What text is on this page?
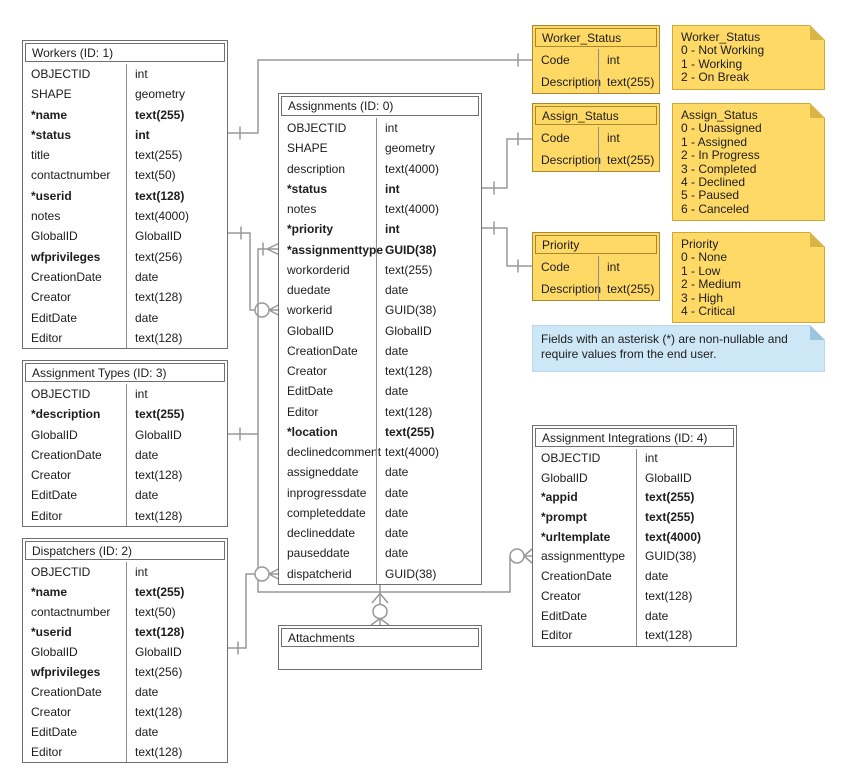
Workers (ID: 1)
OBJECTID	int
SHAPE	geometry
*name	text(255)
*status	int
title	text(255)
contactnumber	text(50)
*userid	text(128)
notes	text(4000)
GlobalID	GlobalID
wfprivileges	text(256)
CreationDate	date
Creator	text(128)
EditDate	date
Editor	text(128)
Assignment Types (ID: 3)
OBJECTID	int
*description	text(255)
GlobalID	GlobalID
CreationDate	date
Creator	text(128)
EditDate	date
Editor	text(128)
Dispatchers (ID: 2)
OBJECTID	int
*name	text(255)
contactnumber	text(50)
*userid	text(128)
GlobalID	GlobalID
wfprivileges	text(256)
CreationDate	date
Creator	text(128)
EditDate	date
Editor	text(128)
Assignments (ID: 0)
OBJECTID	int
SHAPE	geometry
description	text(4000)
*status	int
notes	text(4000)
*priority	int
*assignmenttype GUID(38)
workorderid	text(255)
duedate	date
workerid	GUID(38)
GlobalID	GlobalID
CreationDate	date
Creator	text(128)
EditDate	date
Editor	text(128)
*location	text(255)
declinedcomment text(4000)
assigneddate	date
inprogressdate	date
completeddate	date
declineddate	date
pauseddate	date
dispatcherid	GUID(38)
Attachments
Worker_Status
Code	int
Description text(255)
Assign_Status
Code	int
Description text(255)
Priority
Code	int
Description text(255)
Assignment Integrations (ID: 4)
OBJECTID	int
GlobalID	GlobalID
*appid	text(255)
*prompt	text(255)
*urltemplate	text(4000)
assignmenttype	GUID(38)
CreationDate	date
Creator	text(128)
EditDate	date
Editor	text(128)
Worker_Status
0 - Not Working
1 - Working
2 - On Break
Assign_Status
0 - Unassigned
1 - Assigned
2 - In Progress
3 - Completed
4 - Declined
5 - Paused
6 - Canceled
Priority
0 - None
1 - Low
2 - Medium
3 - High
4 - Critical
Fields with an asterisk (*) are non-nullable and require values from the end user.
